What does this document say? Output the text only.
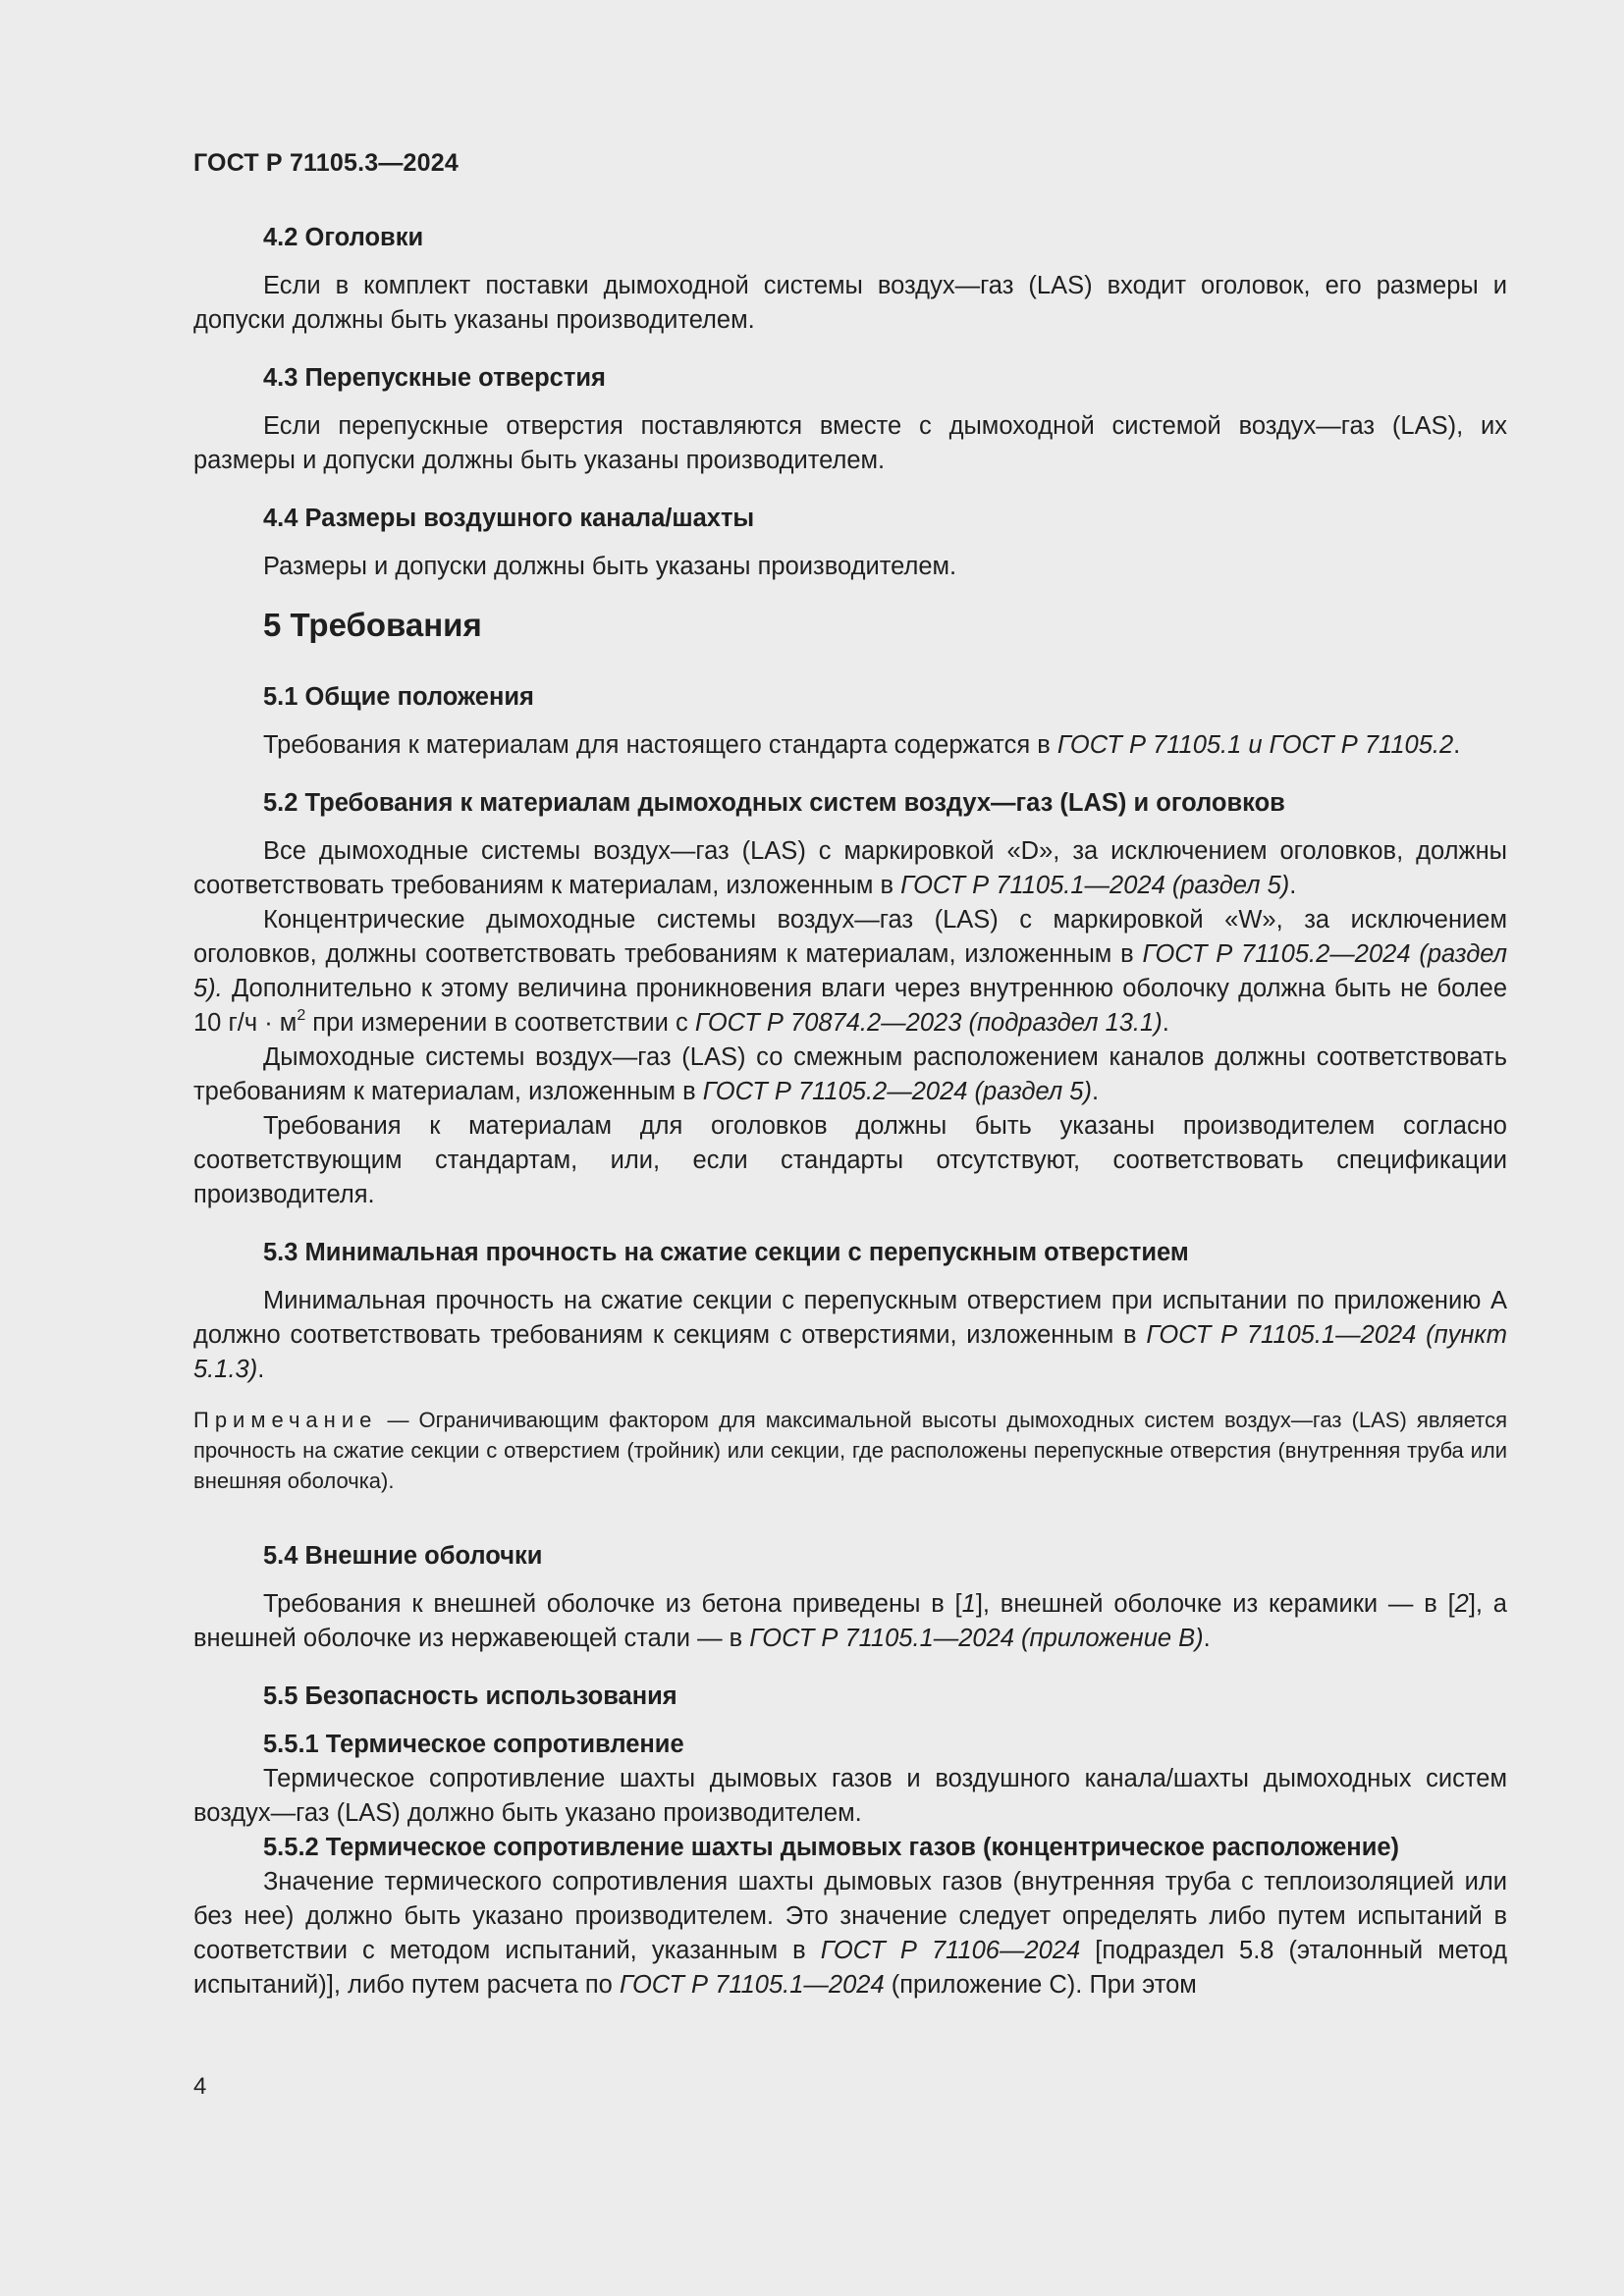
ГОСТ Р 71105.3—2024
4.2 Оголовки

Если в комплект поставки дымоходной системы воздух—газ (LAS) входит оголовок, его размеры и допуски должны быть указаны производителем.

4.3 Перепускные отверстия

Если перепускные отверстия поставляются вместе с дымоходной системой воздух—газ (LAS), их размеры и допуски должны быть указаны производителем.

4.4 Размеры воздушного канала/шахты

Размеры и допуски должны быть указаны производителем.

5 Требования
5.1 Общие положения

Требования к материалам для настоящего стандарта содержатся в ГОСТ Р 71105.1 и ГОСТ Р 71105.2.

5.2 Требования к материалам дымоходных систем воздух—газ (LAS) и оголовков

Все дымоходные системы воздух—газ (LAS) с маркировкой «D», за исключением оголовков, должны соответствовать требованиям к материалам, изложенным в ГОСТ Р 71105.1—2024 (раздел 5).

Концентрические дымоходные системы воздух—газ (LAS) с маркировкой «W», за исключением оголовков, должны соответствовать требованиям к материалам, изложенным в ГОСТ Р 71105.2—2024 (раздел 5). Дополнительно к этому величина проникновения влаги через внутреннюю оболочку должна быть не более 10 $г/ч \cdot м^2$ при измерении в соответствии с ГОСТ Р 70874.2—2023 (подраздел 13.1).

Дымоходные системы воздух—газ (LAS) со смежным расположением каналов должны соответствовать требованиям к материалам, изложенным в ГОСТ Р 71105.2—2024 (раздел 5).

Требования к материалам для оголовков должны быть указаны производителем согласно соответствующим стандартам, или, если стандарты отсутствуют, соответствовать спецификации производителя.

5.3 Минимальная прочность на сжатие секции с перепускным отверстием

Минимальная прочность на сжатие секции с перепускным отверстием при испытании по приложению А должно соответствовать требованиям к секциям с отверстиями, изложенным в ГОСТ Р 71105.1—2024 (пункт 5.1.3).

Примечание — Ограничивающим фактором для максимальной высоты дымоходных систем воздух—газ (LAS) является прочность на сжатие секции с отверстием (тройник) или секции, где расположены перепускные отверстия (внутренняя труба или внешняя оболочка).

5.4 Внешние оболочки

Требования к внешней оболочке из бетона приведены в [1], внешней оболочке из керамики — в [2], а внешней оболочке из нержавеющей стали — в ГОСТ Р 71105.1—2024 (приложение В).

5.5 Безопасность использования
5.5.1 Термическое сопротивление

Термическое сопротивление шахты дымовых газов и воздушного канала/шахты дымоходных систем воздух—газ (LAS) должно быть указано производителем.

5.5.2 Термическое сопротивление шахты дымовых газов (концентрическое расположение)

Значение термического сопротивления шахты дымовых газов (внутренняя труба с теплоизоляцией или без нее) должно быть указано производителем. Это значение следует определять либо путем испытаний в соответствии с методом испытаний, указанным в ГОСТ Р 71106—2024 [подраздел 5.8 (эталонный метод испытаний)], либо путем расчета по ГОСТ Р 71105.1—2024 (приложение С). При этом

4
